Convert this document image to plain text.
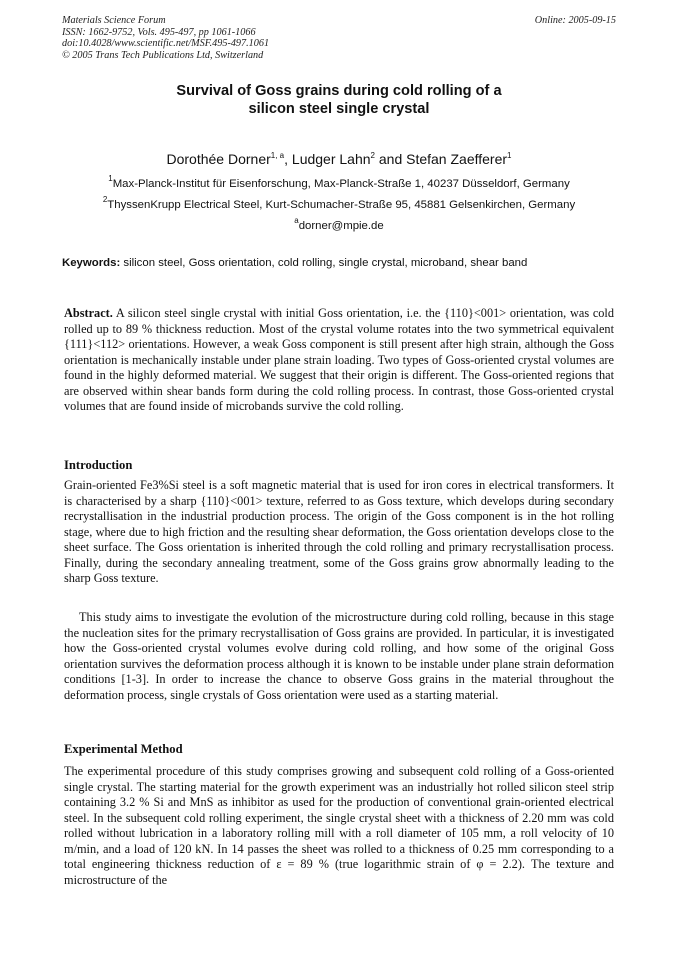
Materials Science Forum
ISSN: 1662-9752, Vols. 495-497, pp 1061-1066
doi:10.4028/www.scientific.net/MSF.495-497.1061
© 2005 Trans Tech Publications Ltd, Switzerland
Online: 2005-09-15
Survival of Goss grains during cold rolling of a
silicon steel single crystal
Dorothée Dorner$^{1, a}$, Ludger Lahn$^2$ and Stefan Zaefferer$^1$
$^1$Max-Planck-Institut für Eisenforschung, Max-Planck-Straße 1, 40237 Düsseldorf, Germany
$^2$ThyssenKrupp Electrical Steel, Kurt-Schumacher-Straße 95, 45881 Gelsenkirchen, Germany
$^a$dorner@mpie.de
Keywords: silicon steel, Goss orientation, cold rolling, single crystal, microband, shear band

Abstract. A silicon steel single crystal with initial Goss orientation, i.e. the {110}<001> orientation, was cold rolled up to 89 % thickness reduction. Most of the crystal volume rotates into the two symmetrical equivalent {111}<112> orientations. However, a weak Goss component is still present after high strain, although the Goss orientation is mechanically instable under plane strain loading. Two types of Goss-oriented crystal volumes are found in the highly deformed material. We suggest that their origin is different. The Goss-oriented regions that are observed within shear bands form during the cold rolling process. In contrast, those Goss-oriented crystal volumes that are found inside of microbands survive the cold rolling.

Introduction

Grain-oriented Fe3%Si steel is a soft magnetic material that is used for iron cores in electrical transformers. It is characterised by a sharp {110}<001> texture, referred to as Goss texture, which develops during secondary recrystallisation in the industrial production process. The origin of the Goss component is in the hot rolling stage, where due to high friction and the resulting shear deformation, the Goss orientation develops close to the sheet surface. The Goss orientation is inherited through the cold rolling and primary recrystallisation process. Finally, during the secondary annealing treatment, some of the Goss grains grow abnormally leading to the sharp Goss texture.

This study aims to investigate the evolution of the microstructure during cold rolling, because in this stage the nucleation sites for the primary recrystallisation of Goss grains are provided. In particular, it is investigated how the Goss-oriented crystal volumes evolve during cold rolling, and how some of the original Goss orientation survives the deformation process although it is known to be instable under plane strain deformation conditions [1-3]. In order to increase the chance to observe Goss grains in the material throughout the deformation process, single crystals of Goss orientation were used as a starting material.

Experimental Method

The experimental procedure of this study comprises growing and subsequent cold rolling of a Goss-oriented single crystal. The starting material for the growth experiment was an industrially hot rolled silicon steel strip containing 3.2 % Si and MnS as inhibitor as used for the production of conventional grain-oriented electrical steel. In the subsequent cold rolling experiment, the single crystal sheet with a thickness of 2.20 mm was cold rolled without lubrication in a laboratory rolling mill with a roll diameter of 105 mm, a roll velocity of 10 m/min, and a load of 120 kN. In 14 passes the sheet was rolled to a thickness of 0.25 mm corresponding to a total engineering thickness reduction of ε = 89 % (true logarithmic strain of φ = 2.2). The texture and microstructure of the
